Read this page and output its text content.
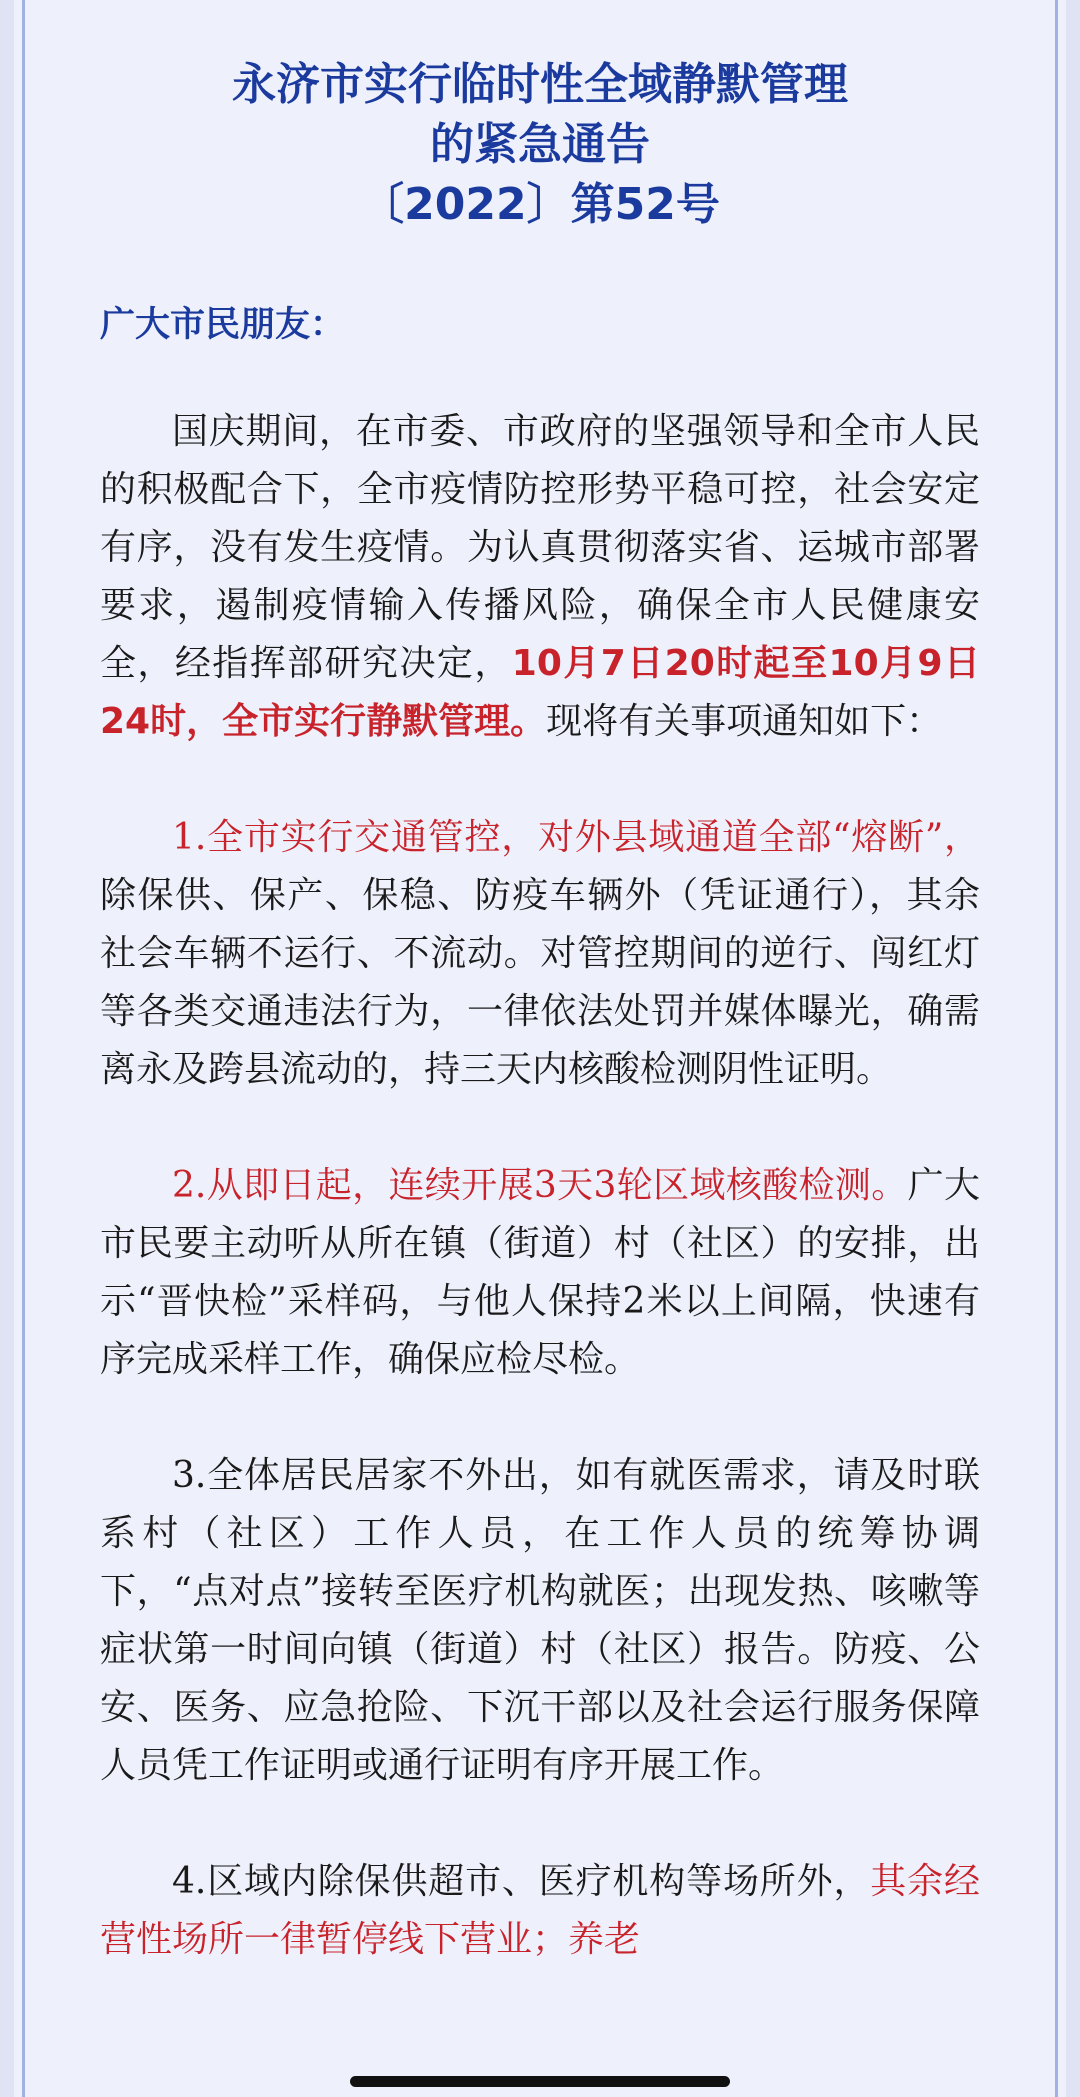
永济市实行临时性全域静默管理
的紧急通告
〔2022〕第52号
广大市民朋友：

国庆期间，在市委、市政府的坚强领导和全市人民的积极配合下，全市疫情防控形势平稳可控，社会安定有序，没有发生疫情。为认真贯彻落实省、运城市部署要求，遏制疫情输入传播风险，确保全市人民健康安全，经指挥部研究决定，10月7日20时起至10月9日24时，全市实行静默管理。现将有关事项通知如下：

1.全市实行交通管控，对外县域通道全部“熔断”，除保供、保产、保稳、防疫车辆外（凭证通行），其余社会车辆不运行、不流动。对管控期间的逆行、闯红灯等各类交通违法行为，一律依法处罚并媒体曝光，确需离永及跨县流动的，持三天内核酸检测阴性证明。

2.从即日起，连续开展3天3轮区域核酸检测。广大市民要主动听从所在镇（街道）村（社区）的安排，出示“晋快检”采样码，与他人保持2米以上间隔，快速有序完成采样工作，确保应检尽检。

3.全体居民居家不外出，如有就医需求，请及时联系村（社区）工作人员，在工作人员的统筹协调下，“点对点”接转至医疗机构就医；出现发热、咳嗽等症状第一时间向镇（街道）村（社区）报告。防疫、公安、医务、应急抢险、下沉干部以及社会运行服务保障人员凭工作证明或通行证明有序开展工作。

4.区域内除保供超市、医疗机构等场所外，其余经营性场所一律暂停线下营业；养老
